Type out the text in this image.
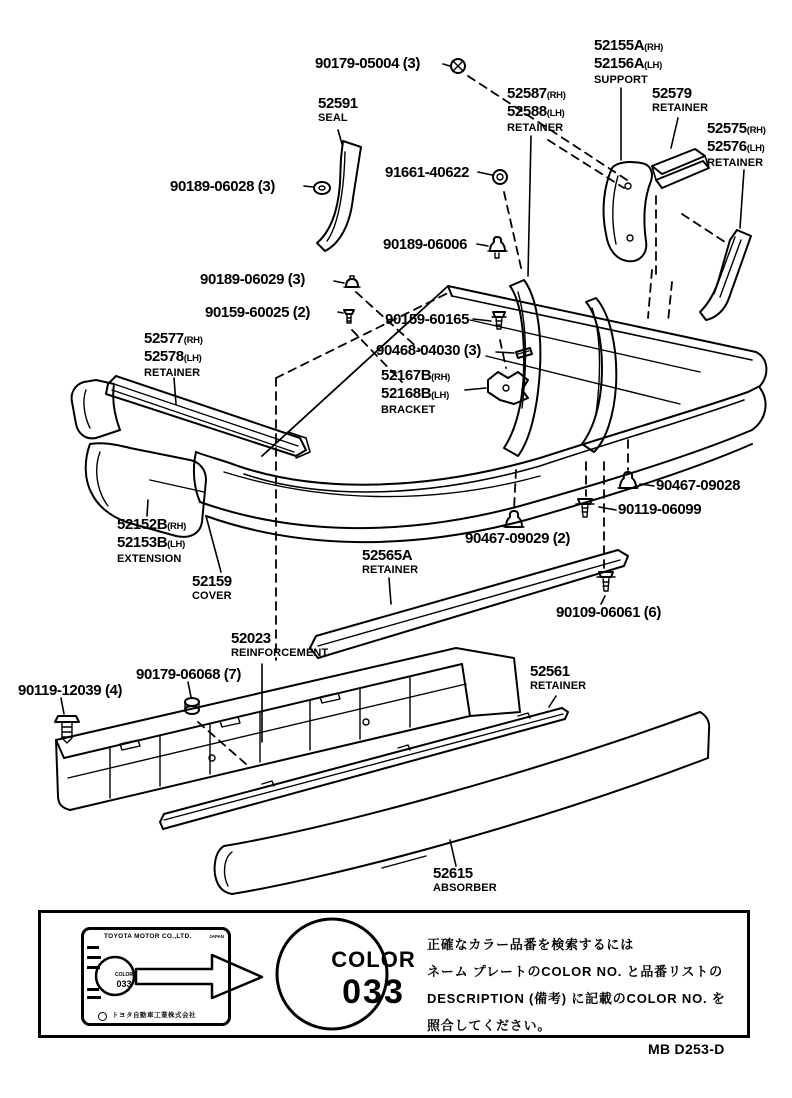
90179-05004 (3)
52591
SEAL
52587(RH)
52588(LH)
RETAINER
52155A(RH)
52156A(LH)
SUPPORT
52579
RETAINER
52575(RH)
52576(LH)
RETAINER
90189-06028 (3)
91661-40622
90189-06006
90189-06029 (3)
90159-60025 (2)	90159-60165
90468-04030 (3)
52167B(RH)
52168B(LH)
BRACKET
52577(RH)
52578(LH)
RETAINER
52152B(RH)
52153B(LH)
EXTENSION
52159
COVER
52565A
RETAINER
90467-09028
90119-06099
90467-09029 (2)
90109-06061 (6)
52023
REINFORCEMENT
90179-06068 (7)
90119-12039 (4)
52561
RETAINER
52615
ABSORBER
TOYOTA MOTOR CO.,LTD.	JAPAN
COLOR
033
トヨタ自動車工業株式会社
COLOR
033
正確なカラー品番を検索するには
ネーム プレートのCOLOR NO. と品番リストの
DESCRIPTION (備考) に記載のCOLOR NO. を
照合してください。
MB D253-D
